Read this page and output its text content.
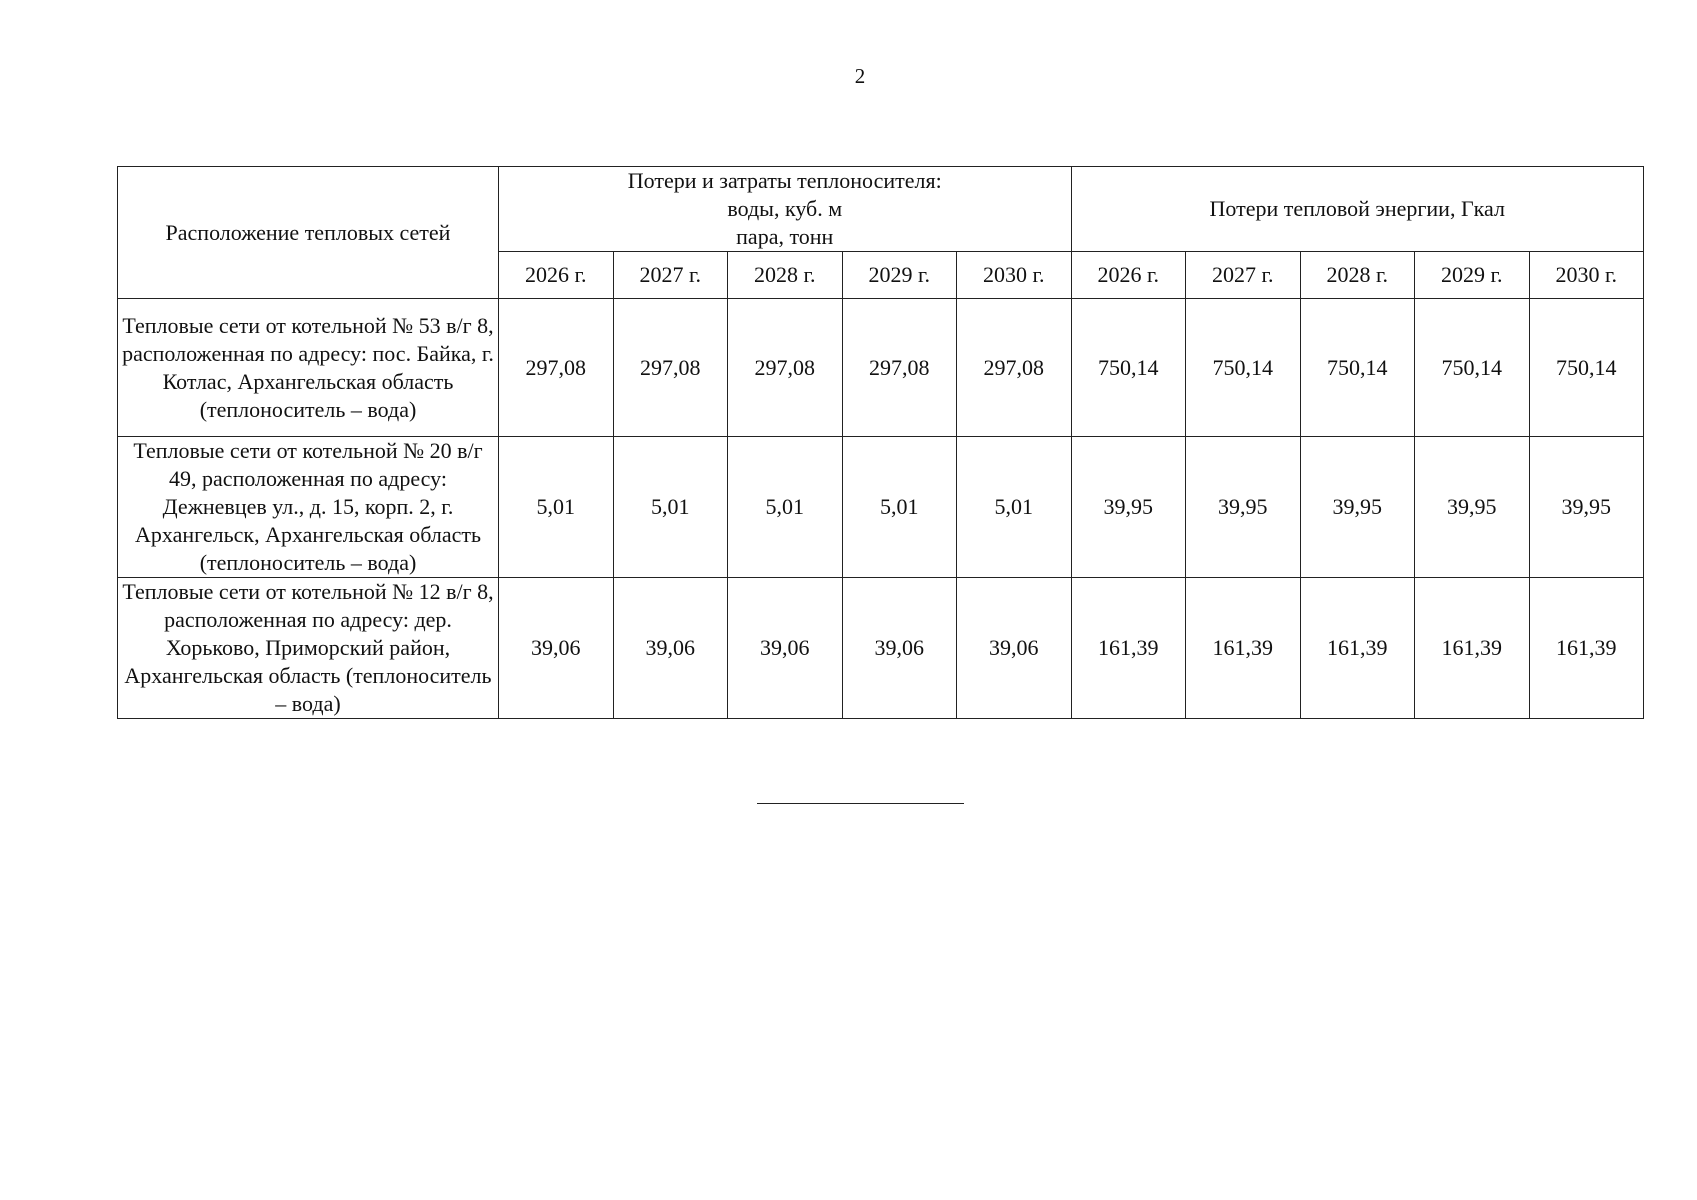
2
Расположение тепловых сетей	Потери и затраты теплоносителя:
воды, куб. м
пара, тонн					Потери тепловой энергии, Гкал				
	2026 г.	2027 г.	2028 г.	2029 г.	2030 г.	2026 г.	2027 г.	2028 г.	2029 г.	2030 г.
Тепловые сети от котельной № 53 в/г 8, расположенная по адресу: пос. Байка, г. Котлас, Архангельская область (теплоноситель – вода)	297,08	297,08	297,08	297,08	297,08	750,14	750,14	750,14	750,14	750,14
Тепловые сети от котельной № 20 в/г 49, расположенная по адресу: Дежневцев ул., д. 15, корп. 2, г. Архангельск, Архангельская область (теплоноситель – вода)	5,01	5,01	5,01	5,01	5,01	39,95	39,95	39,95	39,95	39,95
Тепловые сети от котельной № 12 в/г 8, расположенная по адресу: дер. Хорьково, Приморский район, Архангельская область (теплоноситель – вода)	39,06	39,06	39,06	39,06	39,06	161,39	161,39	161,39	161,39	161,39
